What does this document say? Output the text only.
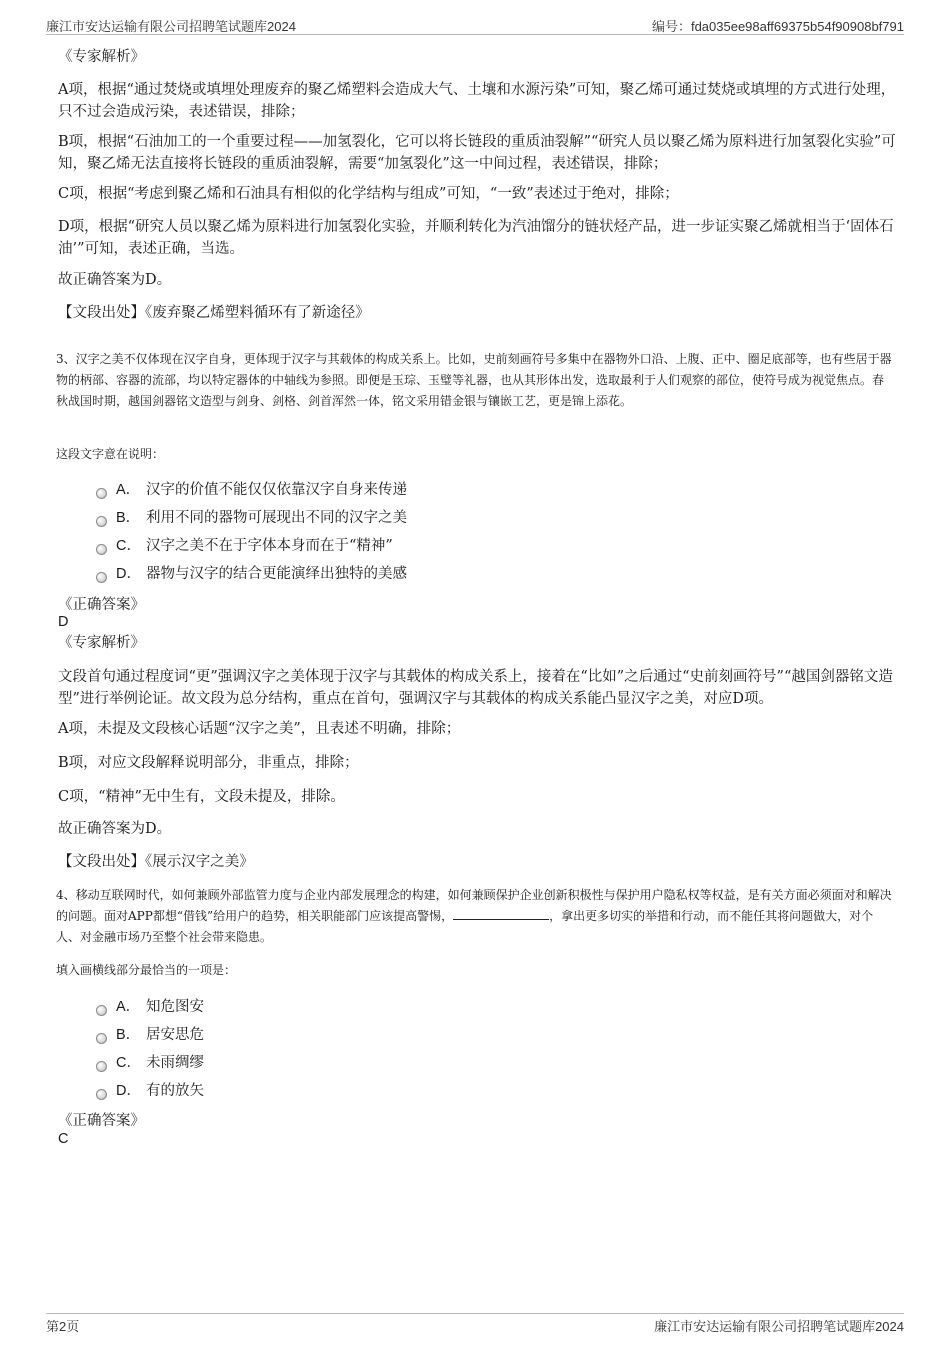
廉江市安达运输有限公司招聘笔试题库2024	编号：fda035ee98aff69375b54f90908bf791
《专家解析》
A项，根据“通过焚烧或填埋处理废弃的聚乙烯塑料会造成大气、土壤和水源污染”可知，聚乙烯可通过焚烧或填埋的方式进行处理，只不过会造成污染，表述错误，排除；
B项，根据“石油加工的一个重要过程——加氢裂化，它可以将长链段的重质油裂解”“研究人员以聚乙烯为原料进行加氢裂化实验”可知，聚乙烯无法直接将长链段的重质油裂解，需要“加氢裂化”这一中间过程，表述错误，排除；
C项，根据“考虑到聚乙烯和石油具有相似的化学结构与组成”可知，“一致”表述过于绝对，排除；
D项，根据“研究人员以聚乙烯为原料进行加氢裂化实验，并顺利转化为汽油馏分的链状烃产品，进一步证实聚乙烯就相当于‘固体石油’”可知，表述正确，当选。
故正确答案为D。
【文段出处】《废弃聚乙烯塑料循环有了新途径》
3、汉字之美不仅体现在汉字自身，更体现于汉字与其载体的构成关系上。比如，史前刻画符号多集中在器物外口沿、上腹、正中、圈足底部等，也有些居于器物的柄部、容器的流部，均以特定器体的中轴线为参照。即便是玉琮、玉璧等礼器，也从其形体出发，选取最利于人们观察的部位，使符号成为视觉焦点。春秋战国时期，越国剑器铭文造型与剑身、剑格、剑首浑然一体，铭文采用错金银与镶嵌工艺，更是锦上添花。
这段文字意在说明：
A． 汉字的价值不能仅仅依靠汉字自身来传递
B． 利用不同的器物可展现出不同的汉字之美
C． 汉字之美不在于字体本身而在于“精神”
D． 器物与汉字的结合更能演绎出独特的美感
《正确答案》
D
《专家解析》
文段首句通过程度词“更”强调汉字之美体现于汉字与其载体的构成关系上，接着在“比如”之后通过“史前刻画符号”“越国剑器铭文造型”进行举例论证。故文段为总分结构，重点在首句，强调汉字与其载体的构成关系能凸显汉字之美，对应D项。
A项，未提及文段核心话题“汉字之美”，且表述不明确，排除；
B项，对应文段解释说明部分，非重点，排除；
C项，“精神”无中生有，文段未提及，排除。
故正确答案为D。
【文段出处】《展示汉字之美》
4、移动互联网时代，如何兼顾外部监管力度与企业内部发展理念的构建，如何兼顾保护企业创新积极性与保护用户隐私权等权益，是有关方面必须面对和解决的问题。面对APP都想“借钱”给用户的趋势，相关职能部门应该提高警惕，	，拿出更多切实的举措和行动，而不能任其将问题做大，对个人、对金融市场乃至整个社会带来隐患。
填入画横线部分最恰当的一项是：
A． 知危图安
B． 居安思危
C． 未雨绸缪
D． 有的放矢
《正确答案》
C
第2页	廉江市安达运输有限公司招聘笔试题库2024
